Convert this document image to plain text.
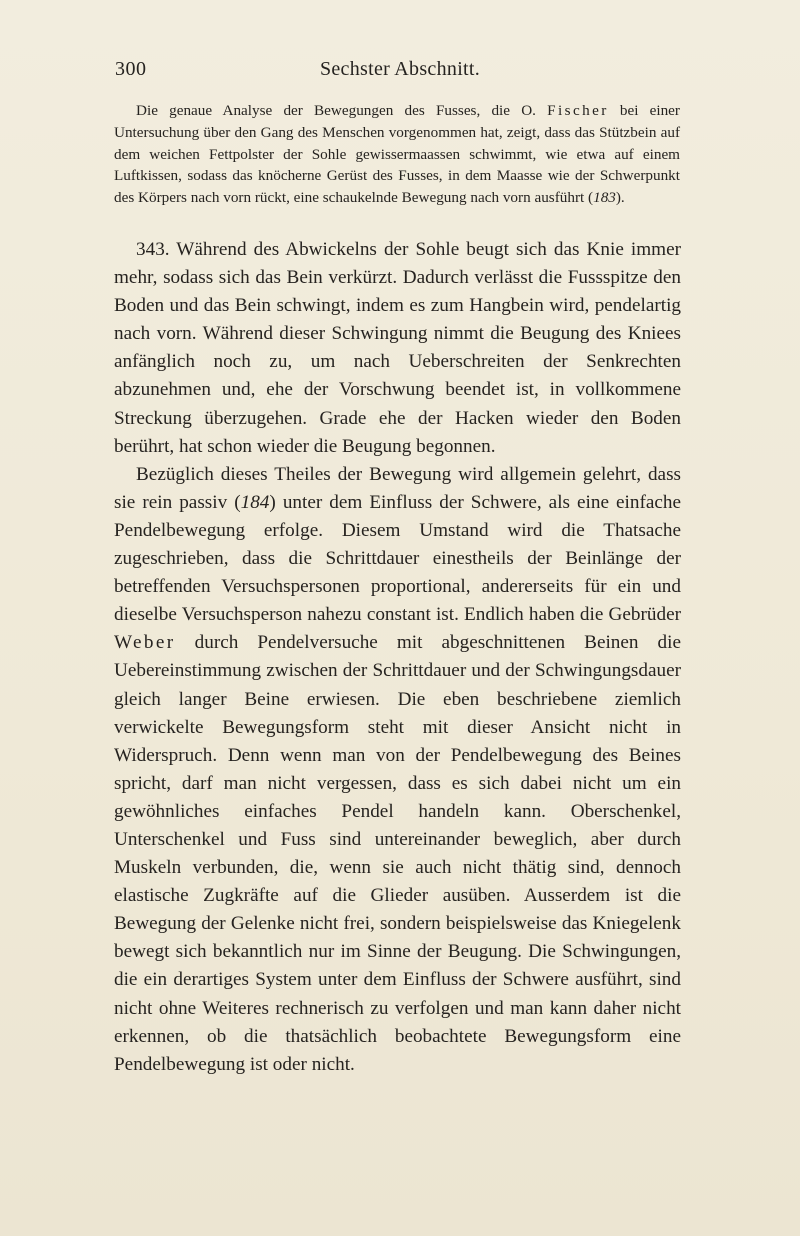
300	Sechster Abschnitt.
Die genaue Analyse der Bewegungen des Fusses, die O. Fischer bei einer Untersuchung über den Gang des Menschen vorgenommen hat, zeigt, dass das Stützbein auf dem weichen Fettpolster der Sohle gewissermaassen schwimmt, wie etwa auf einem Luftkissen, sodass das knöcherne Gerüst des Fusses, in dem Maasse wie der Schwerpunkt des Körpers nach vorn rückt, eine schaukelnde Bewegung nach vorn ausführt (183).

343. Während des Abwickelns der Sohle beugt sich das Knie immer mehr, sodass sich das Bein verkürzt. Dadurch verlässt die Fussspitze den Boden und das Bein schwingt, indem es zum Hangbein wird, pendelartig nach vorn. Während dieser Schwingung nimmt die Beugung des Kniees anfänglich noch zu, um nach Ueberschreiten der Senkrechten abzunehmen und, ehe der Vorschwung beendet ist, in vollkommene Streckung überzugehen. Grade ehe der Hacken wieder den Boden berührt, hat schon wieder die Beugung begonnen.

Bezüglich dieses Theiles der Bewegung wird allgemein gelehrt, dass sie rein passiv (184) unter dem Einfluss der Schwere, als eine einfache Pendelbewegung erfolge. Diesem Umstand wird die Thatsache zugeschrieben, dass die Schrittdauer einestheils der Beinlänge der betreffenden Versuchspersonen proportional, andererseits für ein und dieselbe Versuchsperson nahezu constant ist. Endlich haben die Gebrüder Weber durch Pendelversuche mit abgeschnittenen Beinen die Uebereinstimmung zwischen der Schrittdauer und der Schwingungsdauer gleich langer Beine erwiesen. Die eben beschriebene ziemlich verwickelte Bewegungsform steht mit dieser Ansicht nicht in Widerspruch. Denn wenn man von der Pendelbewegung des Beines spricht, darf man nicht vergessen, dass es sich dabei nicht um ein gewöhnliches einfaches Pendel handeln kann. Oberschenkel, Unterschenkel und Fuss sind untereinander beweglich, aber durch Muskeln verbunden, die, wenn sie auch nicht thätig sind, dennoch elastische Zugkräfte auf die Glieder ausüben. Ausserdem ist die Bewegung der Gelenke nicht frei, sondern beispielsweise das Kniegelenk bewegt sich bekanntlich nur im Sinne der Beugung. Die Schwingungen, die ein derartiges System unter dem Einfluss der Schwere ausführt, sind nicht ohne Weiteres rechnerisch zu verfolgen und man kann daher nicht erkennen, ob die thatsächlich beobachtete Bewegungsform eine Pendelbewegung ist oder nicht.
